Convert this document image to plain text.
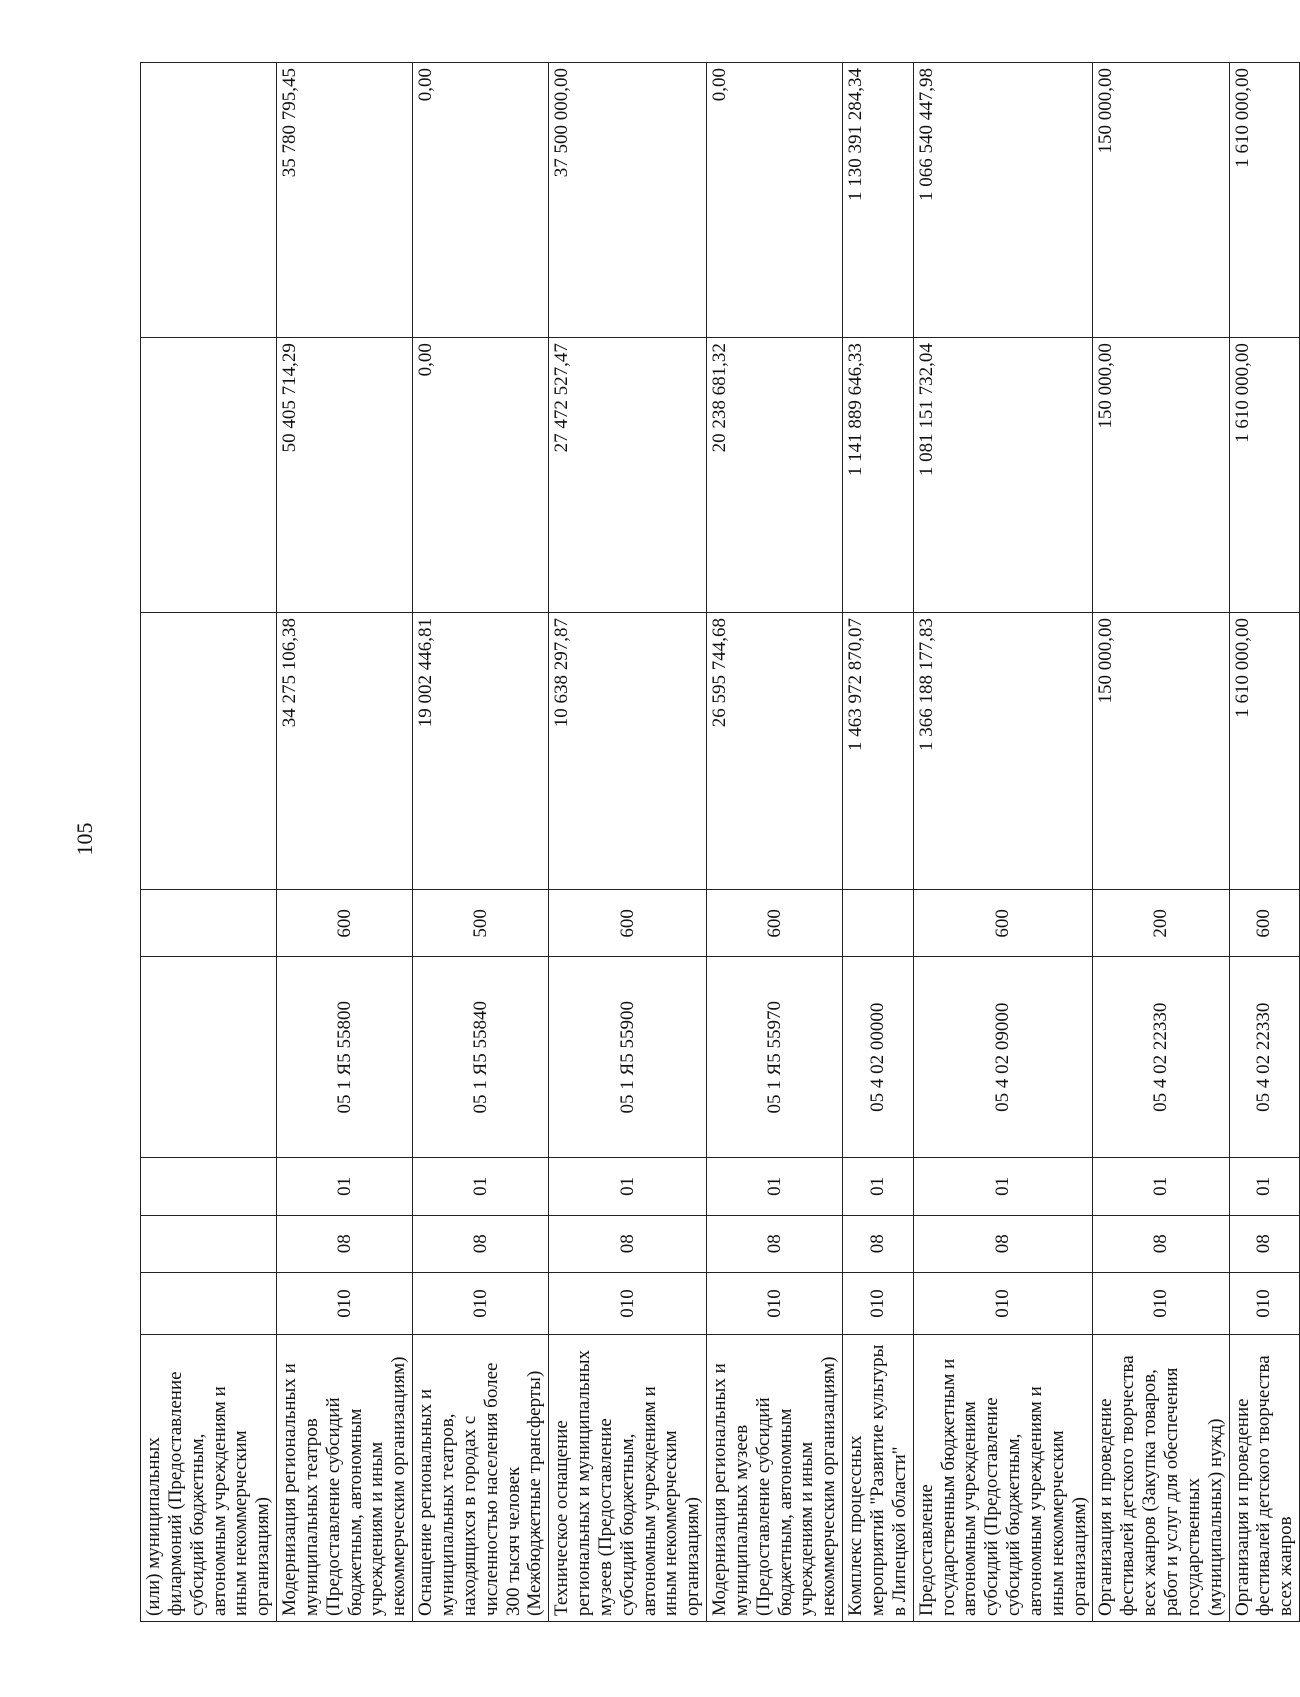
105
(или) муниципальных филармоний (Предоставление субсидий бюджетным, автономным учреждениям и иным некоммерческим организациям)								
Модернизация региональных и муниципальных театров (Предоставление субсидий бюджетным, автономным учреждениям и иным некоммерческим организациям)	010	08	01	05 1 Я5 55800	600	34 275 106,38	50 405 714,29	35 780 795,45
Оснащение региональных и муниципальных театров, находящихся в городах с численностью населения более 300 тысяч человек (Межбюджетные трансферты)	010	08	01	05 1 Я5 55840	500	19 002 446,81	0,00	0,00
Техническое оснащение региональных и муниципальных музеев (Предоставление субсидий бюджетным, автономным учреждениям и иным некоммерческим организациям)	010	08	01	05 1 Я5 55900	600	10 638 297,87	27 472 527,47	37 500 000,00
Модернизация региональных и муниципальных музеев (Предоставление субсидий бюджетным, автономным учреждениям и иным некоммерческим организациям)	010	08	01	05 1 Я5 55970	600	26 595 744,68	20 238 681,32	0,00
Комплекс процессных мероприятий "Развитие культуры в Липецкой области"	010	08	01	05 4 02 00000		1 463 972 870,07	1 141 889 646,33	1 130 391 284,34
Предоставление государственным бюджетным и автономным учреждениям субсидий (Предоставление субсидий бюджетным, автономным учреждениям и иным некоммерческим организациям)	010	08	01	05 4 02 09000	600	1 366 188 177,83	1 081 151 732,04	1 066 540 447,98
Организация и проведение фестивалей детского творчества всех жанров (Закупка товаров, работ и услуг для обеспечения государственных (муниципальных) нужд)	010	08	01	05 4 02 22330	200	150 000,00	150 000,00	150 000,00
Организация и проведение фестивалей детского творчества всех жанров	010	08	01	05 4 02 22330	600	1 610 000,00	1 610 000,00	1 610 000,00
